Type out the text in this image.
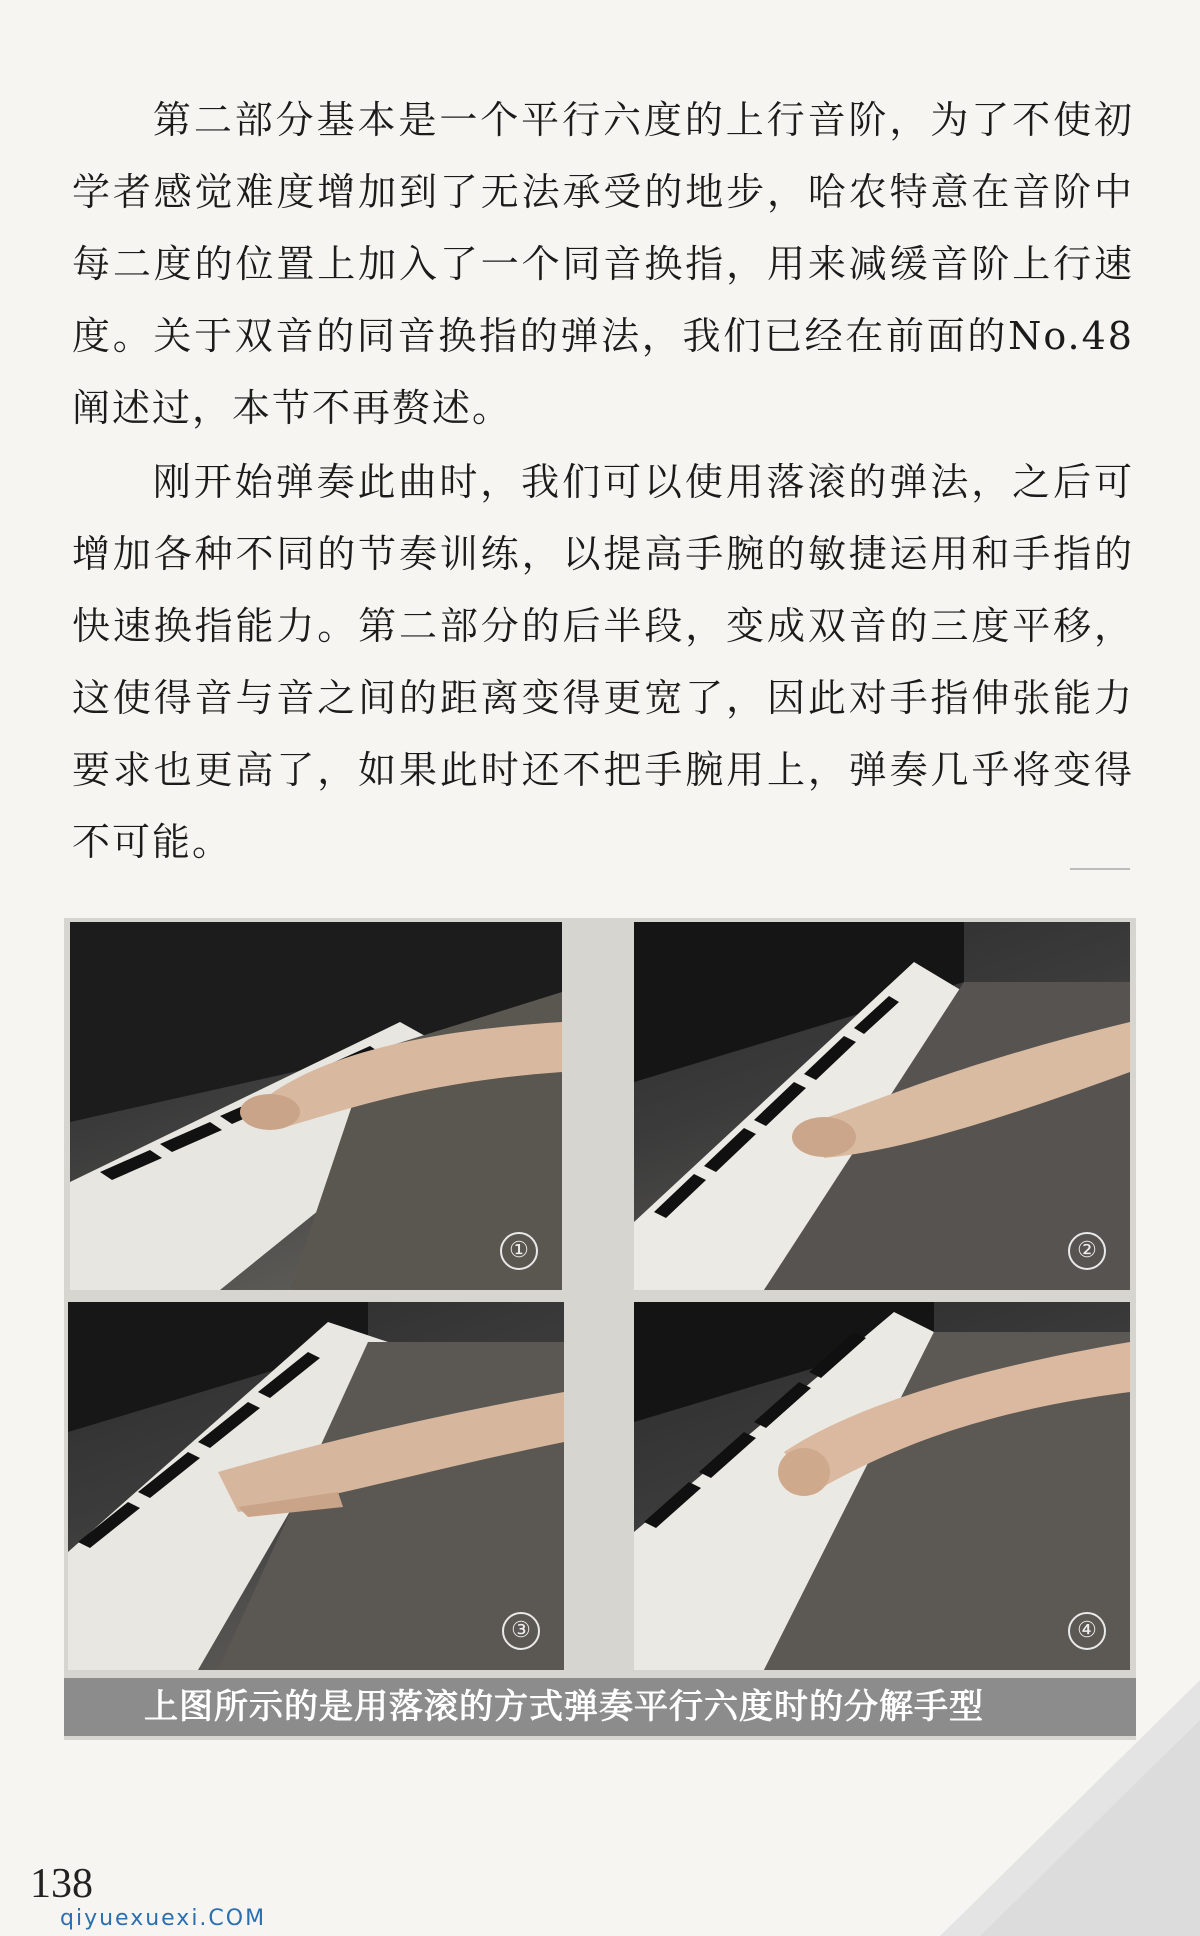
第二部分基本是一个平行六度的上行音阶，为了不使初学者感觉难度增加到了无法承受的地步，哈农特意在音阶中每二度的位置上加入了一个同音换指，用来减缓音阶上行速度。关于双音的同音换指的弹法，我们已经在前面的No.48 阐述过，本节不再赘述。

刚开始弹奏此曲时，我们可以使用落滚的弹法，之后可增加各种不同的节奏训练，以提高手腕的敏捷运用和手指的快速换指能力。第二部分的后半段，变成双音的三度平移，这使得音与音之间的距离变得更宽了，因此对手指伸张能力要求也更高了，如果此时还不把手腕用上，弹奏几乎将变得不可能。

①	②
③	④
上图所示的是用落滚的方式弹奏平行六度时的分解手型
138
qiyuexuexi.COM
